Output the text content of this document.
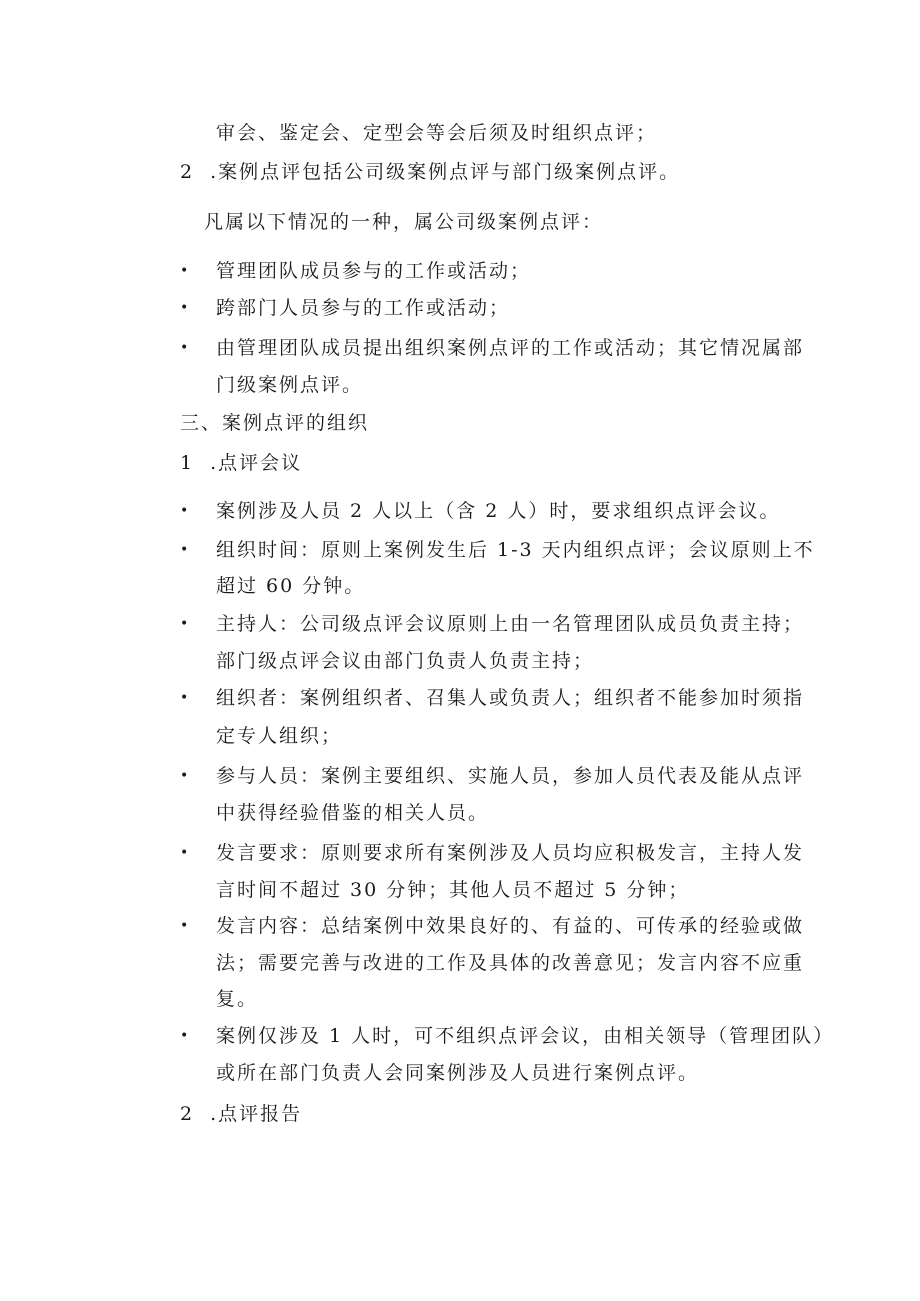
审会、鉴定会、定型会等会后须及时组织点评；
2 .案例点评包括公司级案例点评与部门级案例点评。
凡属以下情况的一种，属公司级案例点评：
• 管理团队成员参与的工作或活动；
• 跨部门人员参与的工作或活动；
• 由管理团队成员提出组织案例点评的工作或活动；其它情况属部
门级案例点评。
三、案例点评的组织
1 .点评会议
• 案例涉及人员 2 人以上（含 2 人）时，要求组织点评会议。
• 组织时间：原则上案例发生后 1-3 天内组织点评；会议原则上不
超过 60 分钟。
• 主持人：公司级点评会议原则上由一名管理团队成员负责主持；
部门级点评会议由部门负责人负责主持；
• 组织者：案例组织者、召集人或负责人；组织者不能参加时须指
定专人组织；
• 参与人员：案例主要组织、实施人员，参加人员代表及能从点评
中获得经验借鉴的相关人员。
• 发言要求：原则要求所有案例涉及人员均应积极发言，主持人发
言时间不超过 30 分钟；其他人员不超过 5 分钟；
• 发言内容：总结案例中效果良好的、有益的、可传承的经验或做
法；需要完善与改进的工作及具体的改善意见；发言内容不应重
复。
• 案例仅涉及 1 人时，可不组织点评会议，由相关领导（管理团队）
或所在部门负责人会同案例涉及人员进行案例点评。
2 .点评报告
